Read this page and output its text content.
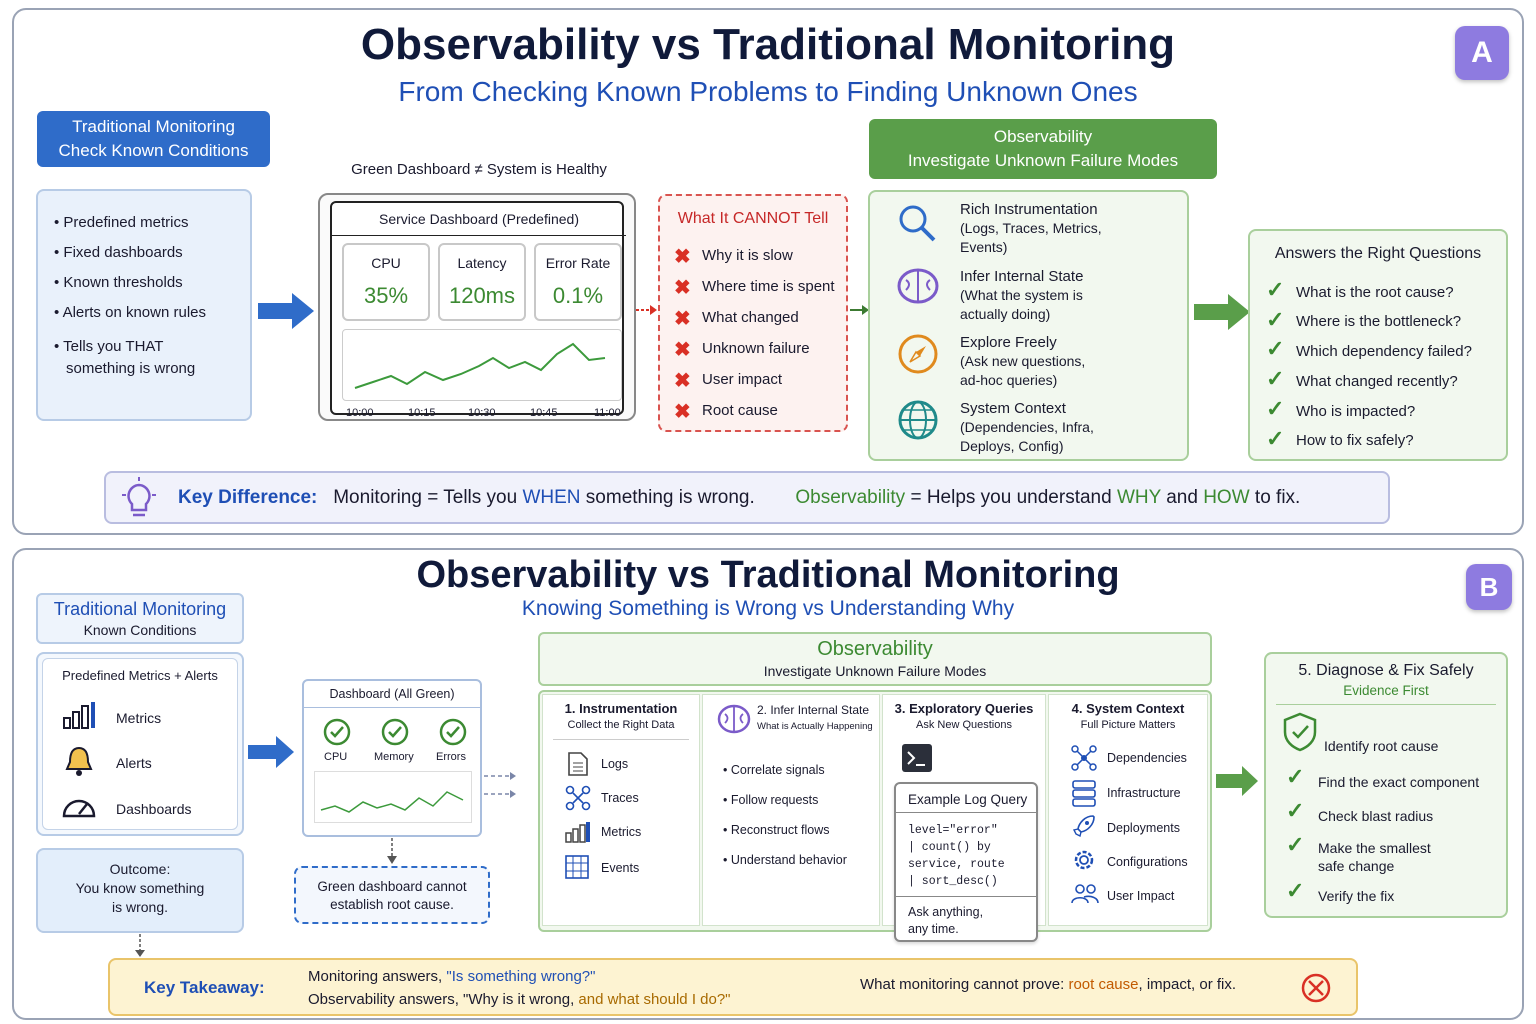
Observability vs Traditional Monitoring
From Checking Known Problems to Finding Unknown Ones
A
Traditional Monitoring
Check Known Conditions
• Predefined metrics
• Fixed dashboards
• Known thresholds
• Alerts on known rules
• Tells you THAT
something is wrong
Green Dashboard ≠ System is Healthy
Service Dashboard (Predefined)
CPU
35%
Latency
120ms
Error Rate
0.1%
10:00	10:15	10:30	10:45	11:00
What It CANNOT Tell
✖ Why it is slow
✖ Where time is spent
✖ What changed
✖ Unknown failure
✖ User impact
✖ Root cause
Observability
Investigate Unknown Failure Modes
Rich Instrumentation
(Logs, Traces, Metrics,
Events)
Infer Internal State
(What the system is
actually doing)
Explore Freely
(Ask new questions,
ad-hoc queries)
System Context
(Dependencies, Infra,
Deploys, Config)
Answers the Right Questions
✓ What is the root cause?
✓ Where is the bottleneck?
✓ Which dependency failed?
✓ What changed recently?
✓ Who is impacted?
✓ How to fix safely?
Key Difference: Monitoring = Tells you WHEN something is wrong. Observability = Helps you understand WHY and HOW to fix.
Observability vs Traditional Monitoring
Knowing Something is Wrong vs Understanding Why
B
Traditional Monitoring
Known Conditions
Predefined Metrics + Alerts
Metrics
Alerts
Dashboards
Outcome:
You know something
is wrong.
Dashboard (All Green)
CPU Memory Errors
Green dashboard cannot
establish root cause.
Observability
Investigate Unknown Failure Modes
1. Instrumentation
Collect the Right Data
Logs
Traces
Metrics
Events
2. Infer Internal State
What is Actually Happening
• Correlate signals
• Follow requests
• Reconstruct flows
• Understand behavior
3. Exploratory Queries
Ask New Questions
Example Log Query
level="error"
| count() by
service, route
| sort_desc()
Ask anything,
any time.
4. System Context
Full Picture Matters
Dependencies
Infrastructure
Deployments
Configurations
User Impact
5. Diagnose & Fix Safely
Evidence First
Identify root cause
✓ Find the exact component
✓ Check blast radius
✓ Make the smallest
safe change
✓ Verify the fix
Key Takeaway:
Monitoring answers, "Is something wrong?"
Observability answers, "Why is it wrong, and what should I do?"
What monitoring cannot prove: root cause, impact, or fix.
